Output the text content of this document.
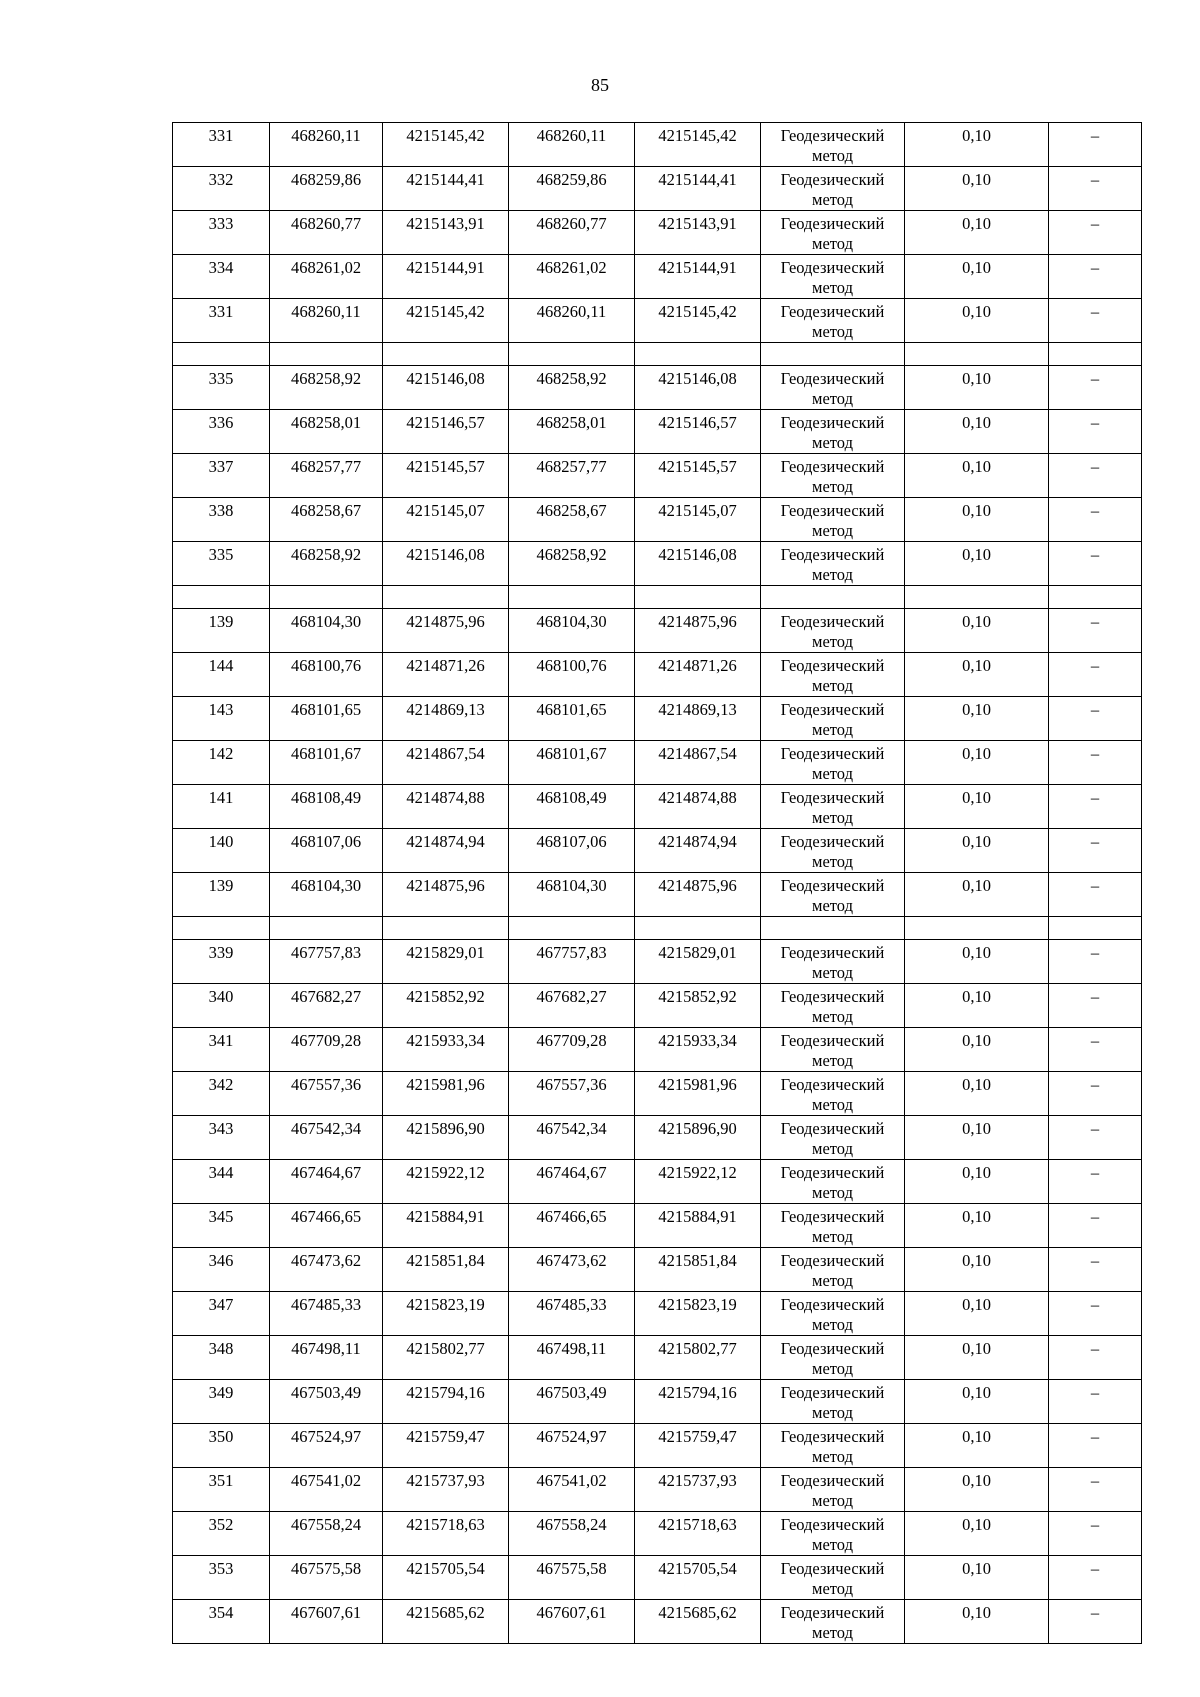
85
331	468260,11	4215145,42	468260,11	4215145,42	Геодезический метод	0,10	–
332	468259,86	4215144,41	468259,86	4215144,41	Геодезический метод	0,10	–
333	468260,77	4215143,91	468260,77	4215143,91	Геодезический метод	0,10	–
334	468261,02	4215144,91	468261,02	4215144,91	Геодезический метод	0,10	–
331	468260,11	4215145,42	468260,11	4215145,42	Геодезический метод	0,10	–

335	468258,92	4215146,08	468258,92	4215146,08	Геодезический метод	0,10	–
336	468258,01	4215146,57	468258,01	4215146,57	Геодезический метод	0,10	–
337	468257,77	4215145,57	468257,77	4215145,57	Геодезический метод	0,10	–
338	468258,67	4215145,07	468258,67	4215145,07	Геодезический метод	0,10	–
335	468258,92	4215146,08	468258,92	4215146,08	Геодезический метод	0,10	–

139	468104,30	4214875,96	468104,30	4214875,96	Геодезический метод	0,10	–
144	468100,76	4214871,26	468100,76	4214871,26	Геодезический метод	0,10	–
143	468101,65	4214869,13	468101,65	4214869,13	Геодезический метод	0,10	–
142	468101,67	4214867,54	468101,67	4214867,54	Геодезический метод	0,10	–
141	468108,49	4214874,88	468108,49	4214874,88	Геодезический метод	0,10	–
140	468107,06	4214874,94	468107,06	4214874,94	Геодезический метод	0,10	–
139	468104,30	4214875,96	468104,30	4214875,96	Геодезический метод	0,10	–

339	467757,83	4215829,01	467757,83	4215829,01	Геодезический метод	0,10	–
340	467682,27	4215852,92	467682,27	4215852,92	Геодезический метод	0,10	–
341	467709,28	4215933,34	467709,28	4215933,34	Геодезический метод	0,10	–
342	467557,36	4215981,96	467557,36	4215981,96	Геодезический метод	0,10	–
343	467542,34	4215896,90	467542,34	4215896,90	Геодезический метод	0,10	–
344	467464,67	4215922,12	467464,67	4215922,12	Геодезический метод	0,10	–
345	467466,65	4215884,91	467466,65	4215884,91	Геодезический метод	0,10	–
346	467473,62	4215851,84	467473,62	4215851,84	Геодезический метод	0,10	–
347	467485,33	4215823,19	467485,33	4215823,19	Геодезический метод	0,10	–
348	467498,11	4215802,77	467498,11	4215802,77	Геодезический метод	0,10	–
349	467503,49	4215794,16	467503,49	4215794,16	Геодезический метод	0,10	–
350	467524,97	4215759,47	467524,97	4215759,47	Геодезический метод	0,10	–
351	467541,02	4215737,93	467541,02	4215737,93	Геодезический метод	0,10	–
352	467558,24	4215718,63	467558,24	4215718,63	Геодезический метод	0,10	–
353	467575,58	4215705,54	467575,58	4215705,54	Геодезический метод	0,10	–
354	467607,61	4215685,62	467607,61	4215685,62	Геодезический метод	0,10	–
